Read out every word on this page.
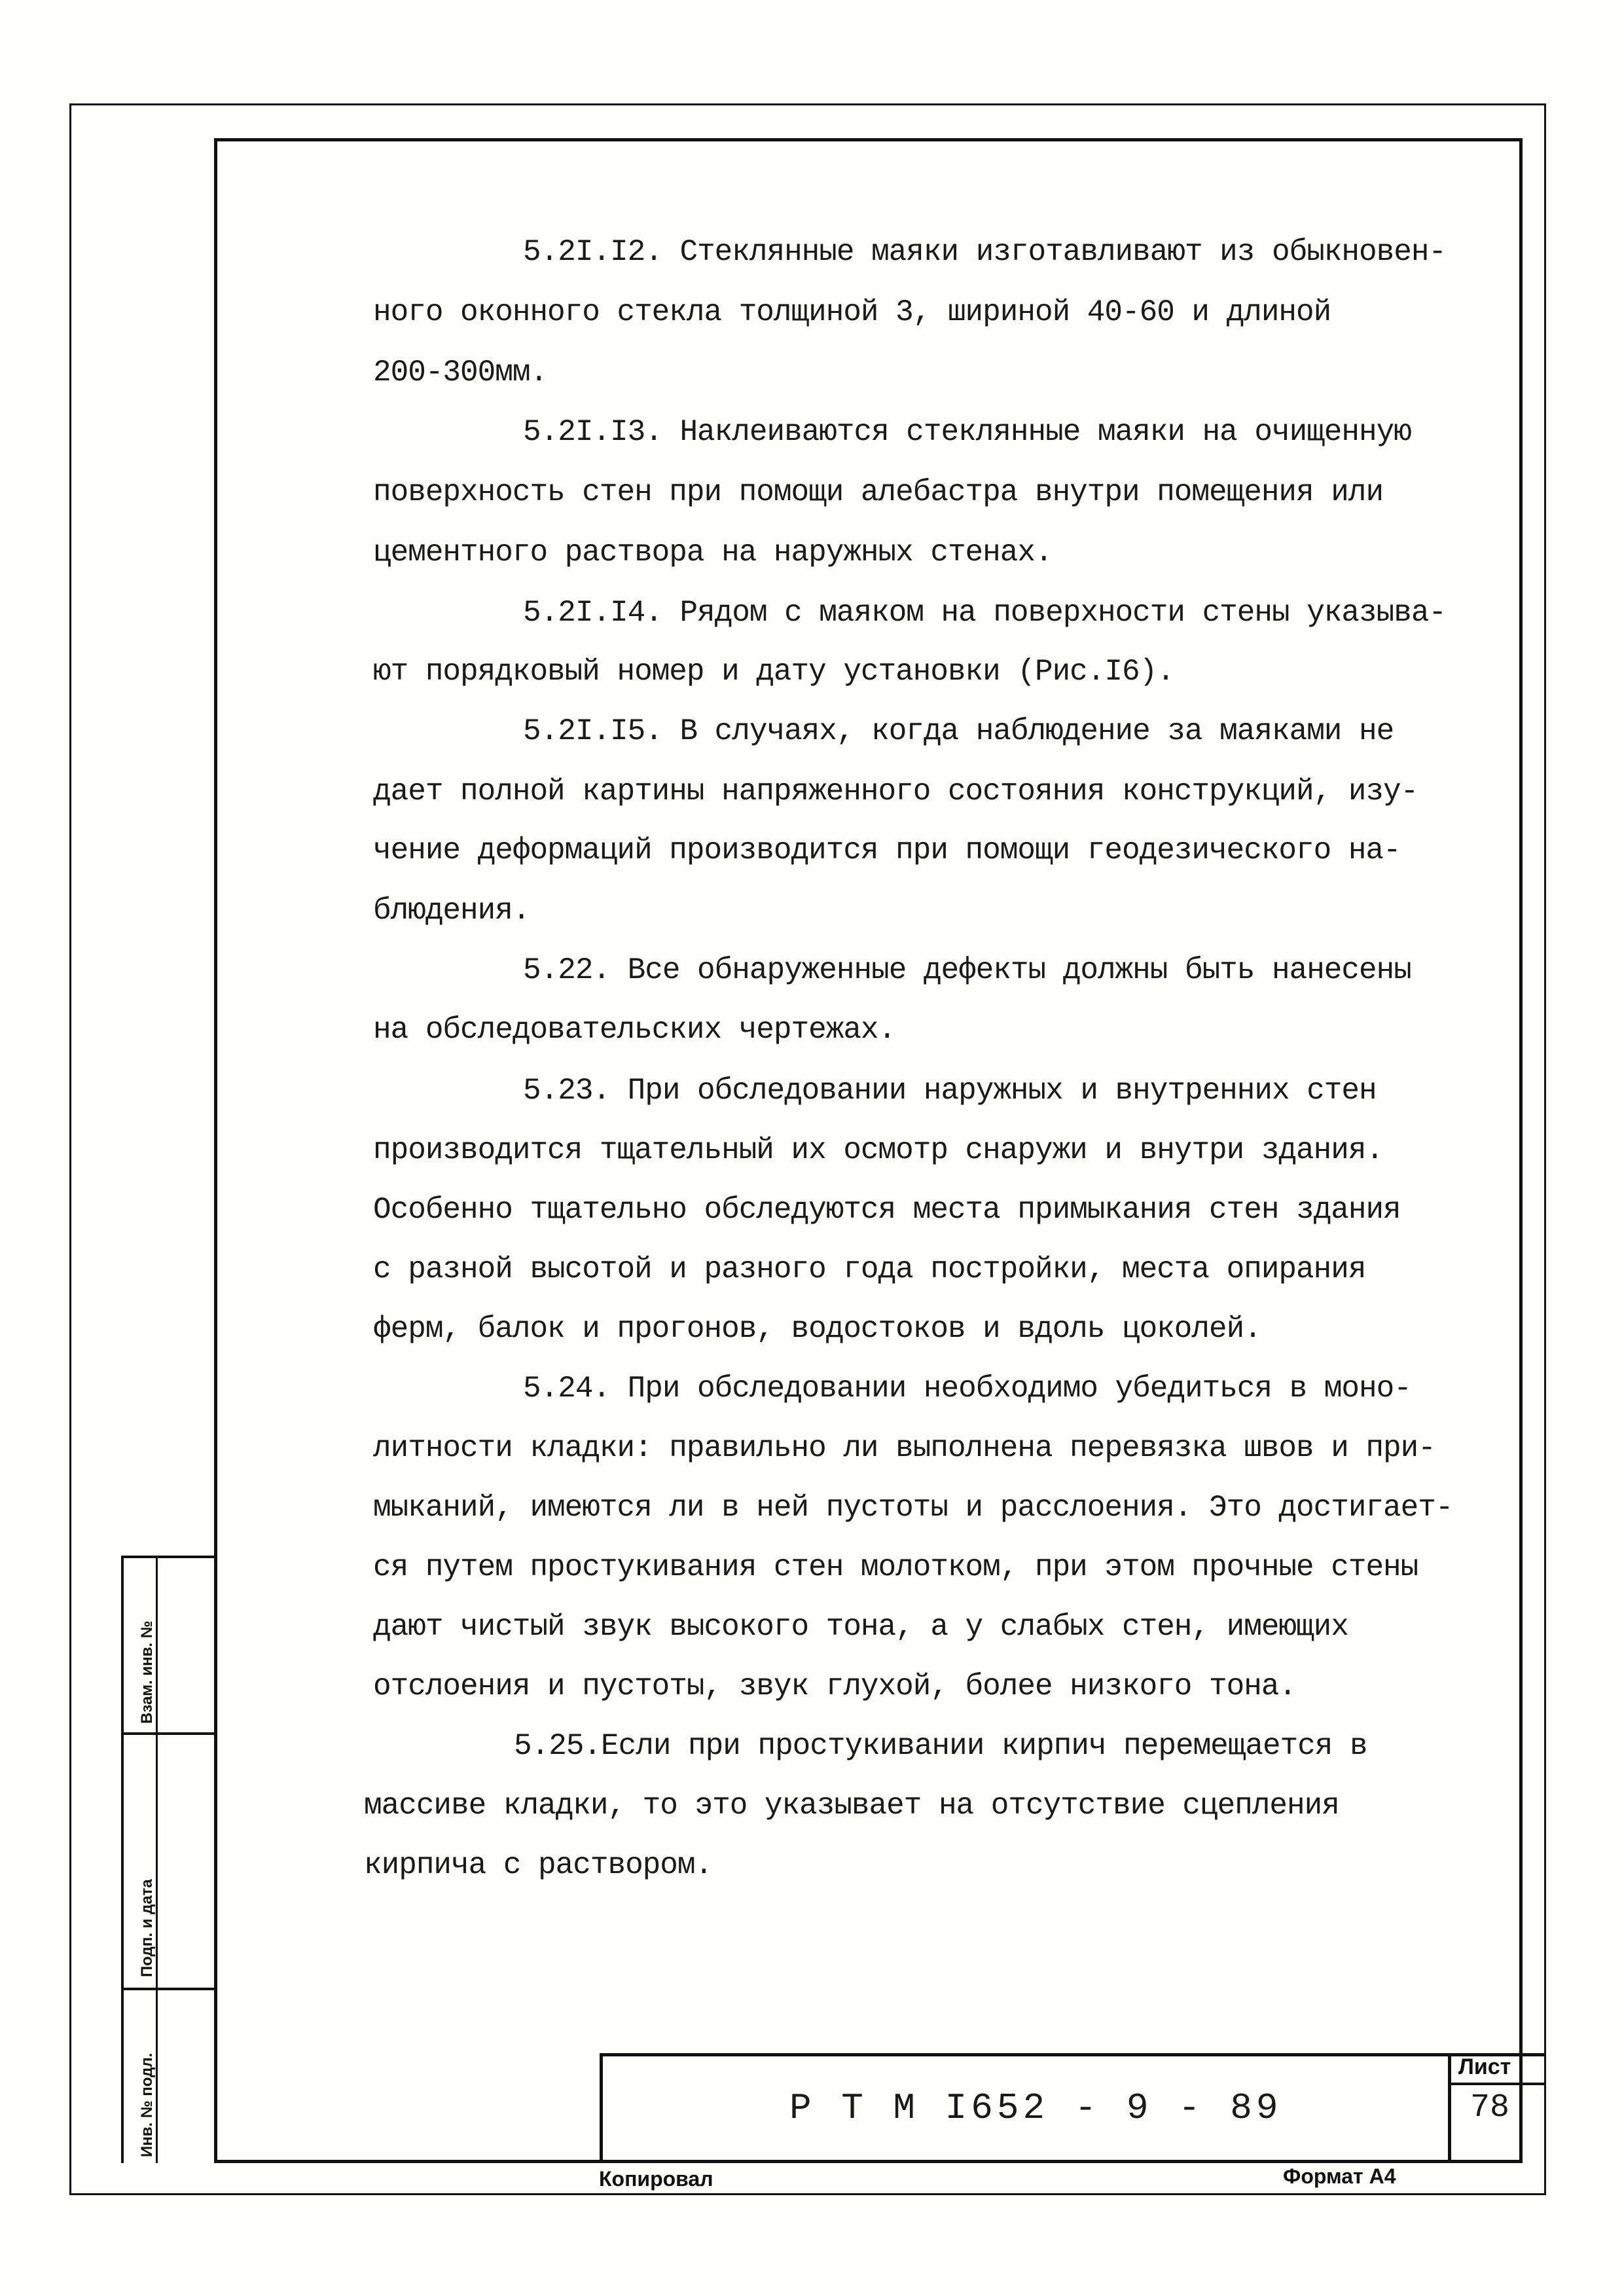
Взам. инв. №
Подп. и дата
Инв. № подл.
5.2I.I2. Стеклянные маяки изготавливают из обыкновен-
ного оконного стекла толщиной 3, шириной 40-60 и длиной
200-300мм.
5.2I.I3. Наклеиваются стеклянные маяки на очищенную
поверхность стен при помощи алебастра внутри помещения или
цементного раствора на наружных стенах.
5.2I.I4. Рядом с маяком на поверхности стены указыва-
ют порядковый номер и дату установки (Рис.I6).
5.2I.I5. В случаях, когда наблюдение за маяками не
дает полной картины напряженного состояния конструкций, изу-
чение деформаций производится при помощи геодезического на-
блюдения.
5.22. Все обнаруженные дефекты должны быть нанесены
на обследовательских чертежах.
5.23. При обследовании наружных и внутренних стен
производится тщательный их осмотр снаружи и внутри здания.
Особенно тщательно обследуются места примыкания стен здания
с разной высотой и разного года постройки, места опирания
ферм, балок и прогонов, водостоков и вдоль цоколей.
5.24. При обследовании необходимо убедиться в моно-
литности кладки: правильно ли выполнена перевязка швов и при-
мыканий, имеются ли в ней пустоты и расслоения. Это достигает-
ся путем простукивания стен молотком, при этом прочные стены
дают чистый звук высокого тона, а у слабых стен, имеющих
отслоения и пустоты, звук глухой, более низкого тона.
5.25.Если при простукивании кирпич перемещается в
массиве кладки, то это указывает на отсутствие сцепления
кирпича с раствором.
Лист
78
Р Т М I652 - 9 - 89
Копировал	Формат А4
